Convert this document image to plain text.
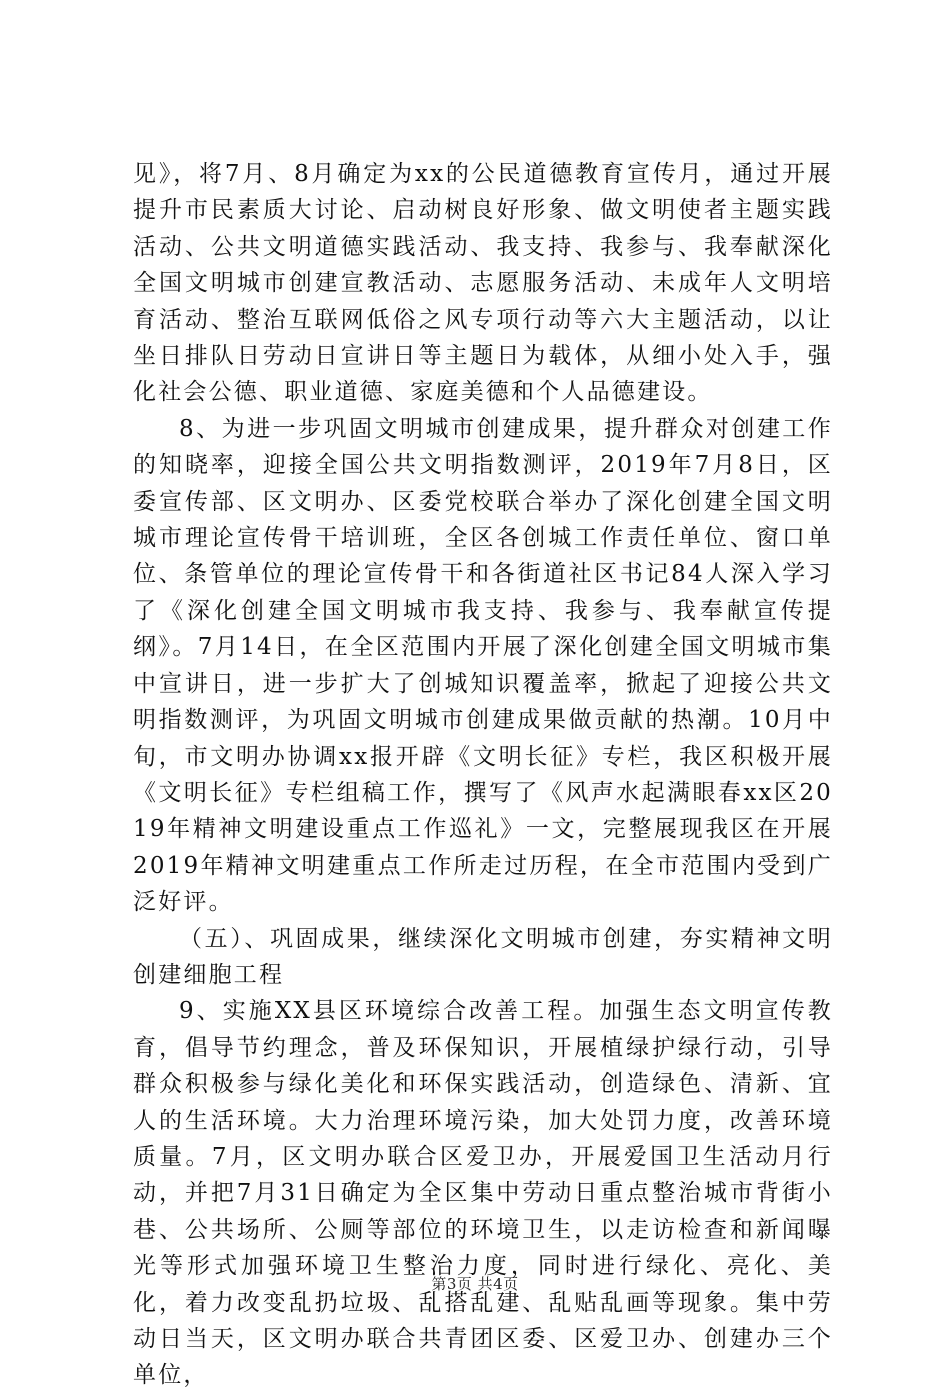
见》，将7月、8月确定为xx的公民道德教育宣传月，通过开展提升市民素质大讨论、启动树良好形象、做文明使者主题实践活动、公共文明道德实践活动、我支持、我参与、我奉献深化全国文明城市创建宣教活动、志愿服务活动、未成年人文明培育活动、整治互联网低俗之风专项行动等六大主题活动，以让坐日排队日劳动日宣讲日等主题日为载体，从细小处入手，强化社会公德、职业道德、家庭美德和个人品德建设。

8、为进一步巩固文明城市创建成果，提升群众对创建工作的知晓率，迎接全国公共文明指数测评，2019年7月8日，区委宣传部、区文明办、区委党校联合举办了深化创建全国文明城市理论宣传骨干培训班，全区各创城工作责任单位、窗口单位、条管单位的理论宣传骨干和各街道社区书记84人深入学习了《深化创建全国文明城市我支持、我参与、我奉献宣传提纲》。7月14日，在全区范围内开展了深化创建全国文明城市集中宣讲日，进一步扩大了创城知识覆盖率，掀起了迎接公共文明指数测评，为巩固文明城市创建成果做贡献的热潮。10月中旬，市文明办协调xx报开辟《文明长征》专栏，我区积极开展《文明长征》专栏组稿工作，撰写了《风声水起满眼春xx区2019年精神文明建设重点工作巡礼》一文，完整展现我区在开展2019年精神文明建重点工作所走过历程，在全市范围内受到广泛好评。

（五）、巩固成果，继续深化文明城市创建，夯实精神文明创建细胞工程

9、实施XX县区环境综合改善工程。加强生态文明宣传教育，倡导节约理念，普及环保知识，开展植绿护绿行动，引导群众积极参与绿化美化和环保实践活动，创造绿色、清新、宜人的生活环境。大力治理环境污染，加大处罚力度，改善环境质量。7月，区文明办联合区爱卫办，开展爱国卫生活动月行动，并把7月31日确定为全区集中劳动日重点整治城市背街小巷、公共场所、公厕等部位的环境卫生，以走访检查和新闻曝光等形式加强环境卫生整治力度，同时进行绿化、亮化、美化，着力改变乱扔垃圾、乱搭乱建、乱贴乱画等现象。集中劳动日当天，区文明办联合共青团区委、区爱卫办、创建办三个单位，

第3页 共4页
